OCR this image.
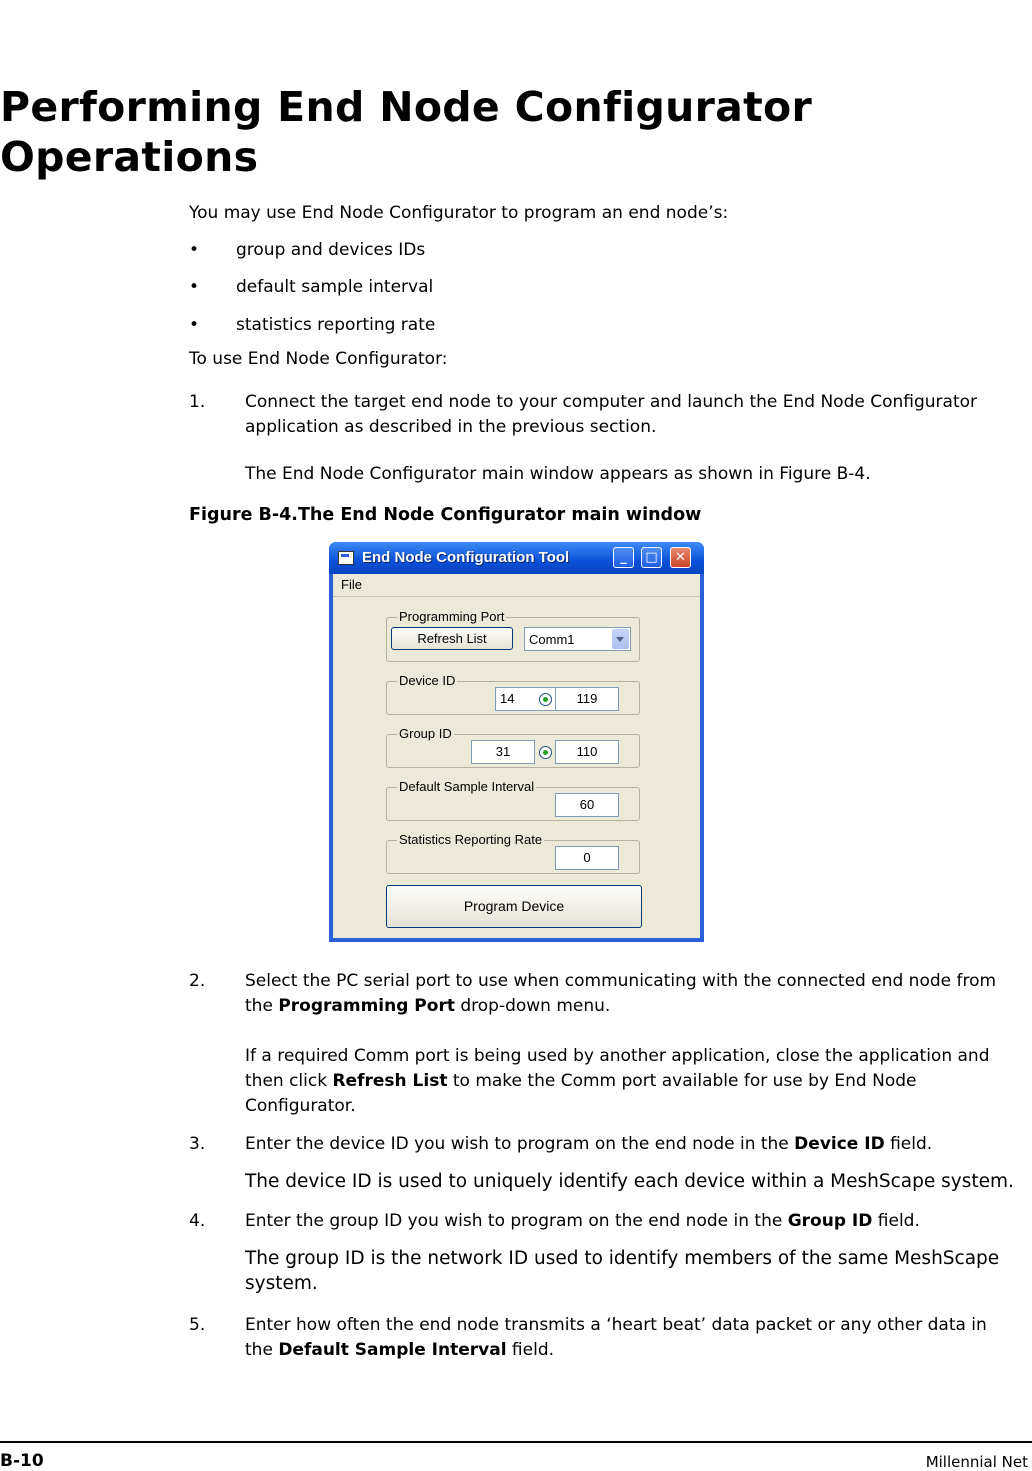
Performing End Node Configurator
Operations
You may use End Node Configurator to program an end node’s:
• group and devices IDs
• default sample interval
• statistics reporting rate
To use End Node Configurator:
1. Connect the target end node to your computer and launch the End Node Configurator
application as described in the previous section.
The End Node Configurator main window appears as shown in Figure B-4.
Figure B-4.The End Node Configurator main window
End Node Configuration Tool	_	□	✕
File
Programming Port
Refresh List	Comm1
Device ID
14	119
Group ID
31	110
Default Sample Interval
60
Statistics Reporting Rate
0
Program Device
2. Select the PC serial port to use when communicating with the connected end node from
the Programming Port drop-down menu.
If a required Comm port is being used by another application, close the application and
then click Refresh List to make the Comm port available for use by End Node
Configurator.
3. Enter the device ID you wish to program on the end node in the Device ID field.
The device ID is used to uniquely identify each device within a MeshScape system.
4. Enter the group ID you wish to program on the end node in the Group ID field.
The group ID is the network ID used to identify members of the same MeshScape
system.
5. Enter how often the end node transmits a ‘heart beat’ data packet or any other data in
the Default Sample Interval field.
B-10	Millennial Net
